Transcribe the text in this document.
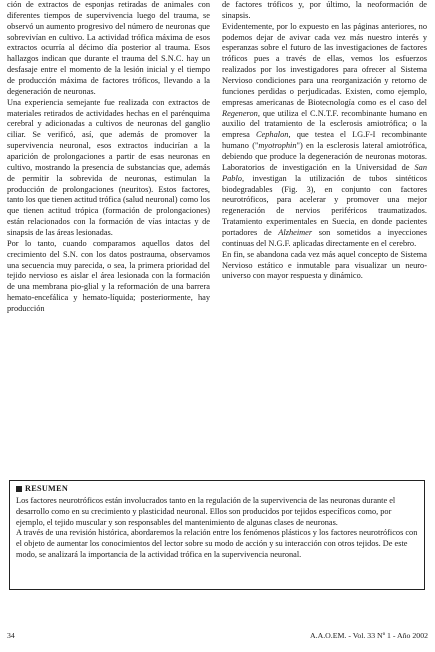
ción de extractos de esponjas retiradas de animales con diferentes tiempos de supervivencia luego del trauma, se observó un aumento progresivo del número de neuronas que sobrevivían en cultivo. La actividad trófica máxima de esos extractos ocurría al décimo día posterior al trauma. Esos hallazgos indican que durante el trauma del S.N.C. hay un desfasaje entre el momento de la lesión inicial y el tiempo de producción máxima de factores tróficos, llevando a la degeneración de neuronas.

Una experiencia semejante fue realizada con extractos de materiales retirados de actividades hechas en el parénquima cerebral y adicionadas a cultivos de neuronas del ganglio ciliar. Se verificó, así, que además de promover la supervivencia neuronal, esos extractos inducirían a la aparición de prolongaciones a partir de esas neuronas en cultivo, mostrando la presencia de substancias que, además de permitir la sobrevida de neuronas, estimulan la producción de prolongaciones (neuritos). Estos factores, tanto los que tienen actitud trófica (salud neuronal) como los que tienen actitud trópica (formación de prolongaciones) están relacionados con la formación de vías intactas y de sinapsis de las áreas lesionadas.

Por lo tanto, cuando comparamos aquellos datos del crecimiento del S.N. con los datos postrauma, observamos una secuencia muy parecida, o sea, la primera prioridad del tejido nervioso es aislar el área lesionada con la formación de una membrana pio-glial y la reformación de una barrera hemato-encefálica y hemato-líquida; posteriormente, hay producción

de factores tróficos y, por último, la neoformación de sinapsis.

Evidentemente, por lo expuesto en las páginas anteriores, no podemos dejar de avivar cada vez más nuestro interés y esperanzas sobre el futuro de las investigaciones de factores tróficos pues a través de ellas, vemos los esfuerzos realizados por los investigadores para ofrecer al Sistema Nervioso condiciones para una reorganización y retorno de funciones perdidas o perjudicadas. Existen, como ejemplo, empresas americanas de Biotecnología como es el caso del Regeneron, que utiliza el C.N.T.F. recombinante humano en auxilio del tratamiento de la esclerosis amiotrófica; o la empresa Cephalon, que testea el I.G.F-I recombinante humano ("myotrophin") en la esclerosis lateral amiotrófica, debiendo que produce la degeneración de neuronas motoras. Laboratorios de investigación en la Universidad de San Pablo, investigan la utilización de tubos sintéticos biodegradables (Fig. 3), en conjunto con factores neurotróficos, para acelerar y promover una mejor regeneración de nervios periféricos traumatizados. Tratamiento experimentales en Suecia, en donde pacientes portadores de Alzheimer son sometidos a inyecciones continuas del N.G.F. aplicadas directamente en el cerebro.

En fin, se abandona cada vez más aquel concepto de Sistema Nervioso estático e inmutable para visualizar un neuro-universo con mayor respuesta y dinámico.

RESUMEN

Los factores neurotróficos están involucrados tanto en la regulación de la supervivencia de las neuronas durante el desarrollo como en su crecimiento y plasticidad neuronal. Ellos son producidos por tejidos específicos como, por ejemplo, el tejido muscular y son responsables del mantenimiento de algunas clases de neuronas.

A través de una revisión histórica, abordaremos la relación entre los fenómenos plásticos y los factores neurotróficos con el objeto de aumentar los conocimientos del lector sobre su modo de acción y su interacción con otros tejidos. De este modo, se analizará la importancia de la actividad trófica en la supervivencia neuronal.

34	A.A.O.EM. - Vol. 33 Nº 1 - Año 2002
